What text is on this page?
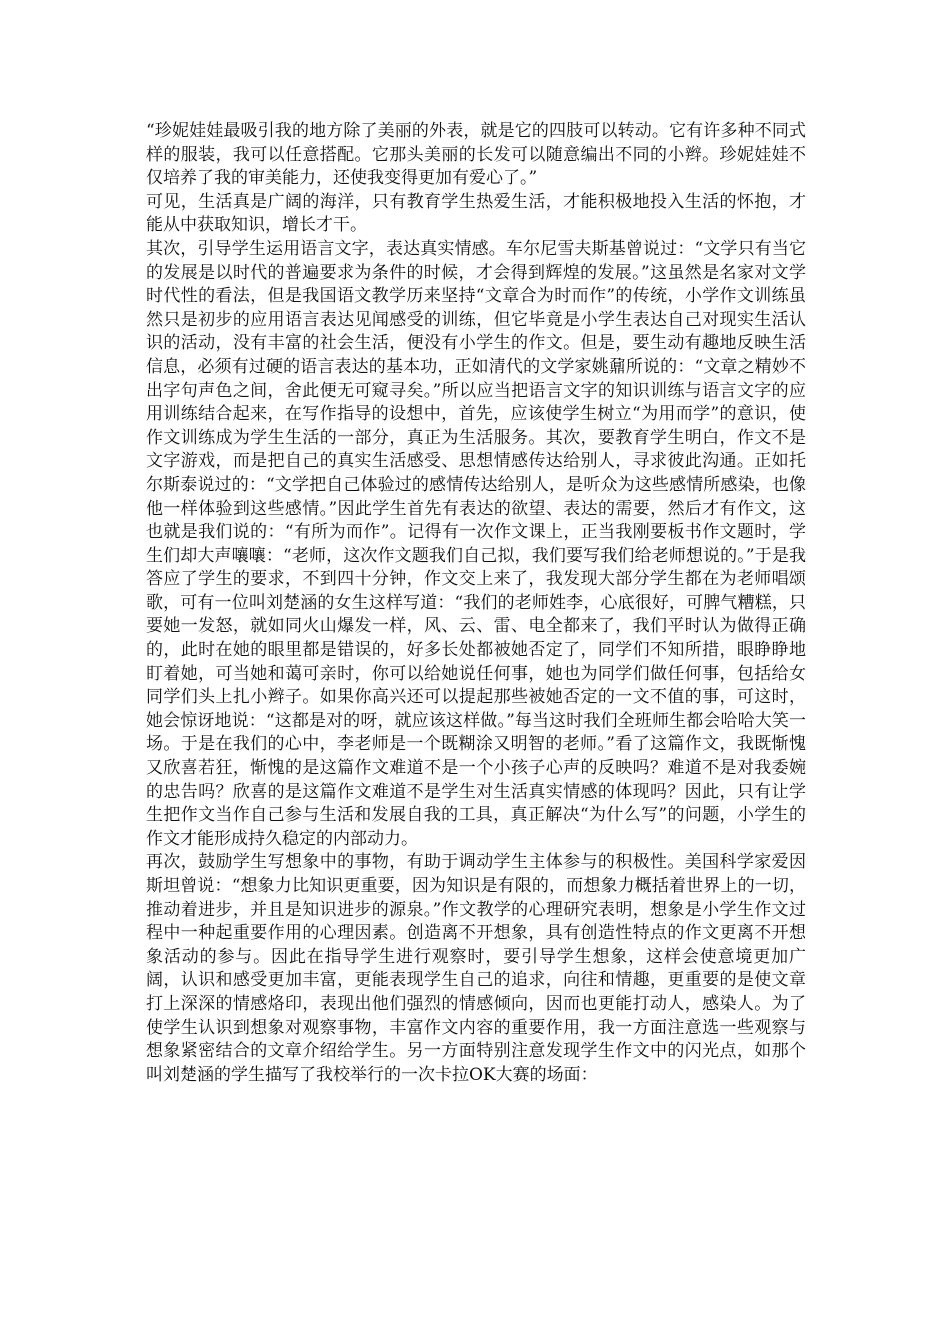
“珍妮娃娃最吸引我的地方除了美丽的外表，就是它的四肢可以转动。它有许多种不同式样的服装，我可以任意搭配。它那头美丽的长发可以随意编出不同的小辫。珍妮娃娃不仅培养了我的审美能力，还使我变得更加有爱心了。”

可见，生活真是广阔的海洋，只有教育学生热爱生活，才能积极地投入生活的怀抱，才能从中获取知识，增长才干。

其次，引导学生运用语言文字，表达真实情感。车尔尼雪夫斯基曾说过：“文学只有当它的发展是以时代的普遍要求为条件的时候，才会得到辉煌的发展。”这虽然是名家对文学时代性的看法，但是我国语文教学历来坚持“文章合为时而作”的传统，小学作文训练虽然只是初步的应用语言表达见闻感受的训练，但它毕竟是小学生表达自己对现实生活认识的活动，没有丰富的社会生活，便没有小学生的作文。但是，要生动有趣地反映生活信息，必须有过硬的语言表达的基本功，正如清代的文学家姚鼐所说的：“文章之精妙不出字句声色之间，舍此便无可窥寻矣。”所以应当把语言文字的知识训练与语言文字的应用训练结合起来，在写作指导的设想中，首先，应该使学生树立“为用而学”的意识，使作文训练成为学生生活的一部分，真正为生活服务。其次，要教育学生明白，作文不是文字游戏，而是把自己的真实生活感受、思想情感传达给别人，寻求彼此沟通。正如托尔斯泰说过的：“文学把自己体验过的感情传达给别人，是听众为这些感情所感染，也像他一样体验到这些感情。”因此学生首先有表达的欲望、表达的需要，然后才有作文，这也就是我们说的：“有所为而作”。记得有一次作文课上，正当我刚要板书作文题时，学生们却大声嚷嚷：“老师，这次作文题我们自己拟，我们要写我们给老师想说的。”于是我答应了学生的要求，不到四十分钟，作文交上来了，我发现大部分学生都在为老师唱颂歌，可有一位叫刘楚涵的女生这样写道：“我们的老师姓李，心底很好，可脾气糟糕，只要她一发怒，就如同火山爆发一样，风、云、雷、电全都来了，我们平时认为做得正确的，此时在她的眼里都是错误的，好多长处都被她否定了，同学们不知所措，眼睁睁地盯着她，可当她和蔼可亲时，你可以给她说任何事，她也为同学们做任何事，包括给女同学们头上扎小辫子。如果你高兴还可以提起那些被她否定的一文不值的事，可这时，她会惊讶地说：“这都是对的呀，就应该这样做。”每当这时我们全班师生都会哈哈大笑一场。于是在我们的心中，李老师是一个既糊涂又明智的老师。”看了这篇作文，我既惭愧又欣喜若狂，惭愧的是这篇作文难道不是一个小孩子心声的反映吗？难道不是对我委婉的忠告吗？欣喜的是这篇作文难道不是学生对生活真实情感的体现吗？因此，只有让学生把作文当作自己参与生活和发展自我的工具，真正解决“为什么写”的问题，小学生的作文才能形成持久稳定的内部动力。

再次，鼓励学生写想象中的事物，有助于调动学生主体参与的积极性。美国科学家爱因斯坦曾说：“想象力比知识更重要，因为知识是有限的，而想象力概括着世界上的一切，推动着进步，并且是知识进步的源泉。”作文教学的心理研究表明，想象是小学生作文过程中一种起重要作用的心理因素。创造离不开想象，具有创造性特点的作文更离不开想象活动的参与。因此在指导学生进行观察时，要引导学生想象，这样会使意境更加广阔，认识和感受更加丰富，更能表现学生自己的追求，向往和情趣，更重要的是使文章打上深深的情感烙印，表现出他们强烈的情感倾向，因而也更能打动人，感染人。为了使学生认识到想象对观察事物，丰富作文内容的重要作用，我一方面注意选一些观察与想象紧密结合的文章介绍给学生。另一方面特别注意发现学生作文中的闪光点，如那个叫刘楚涵的学生描写了我校举行的一次卡拉OK大赛的场面：
